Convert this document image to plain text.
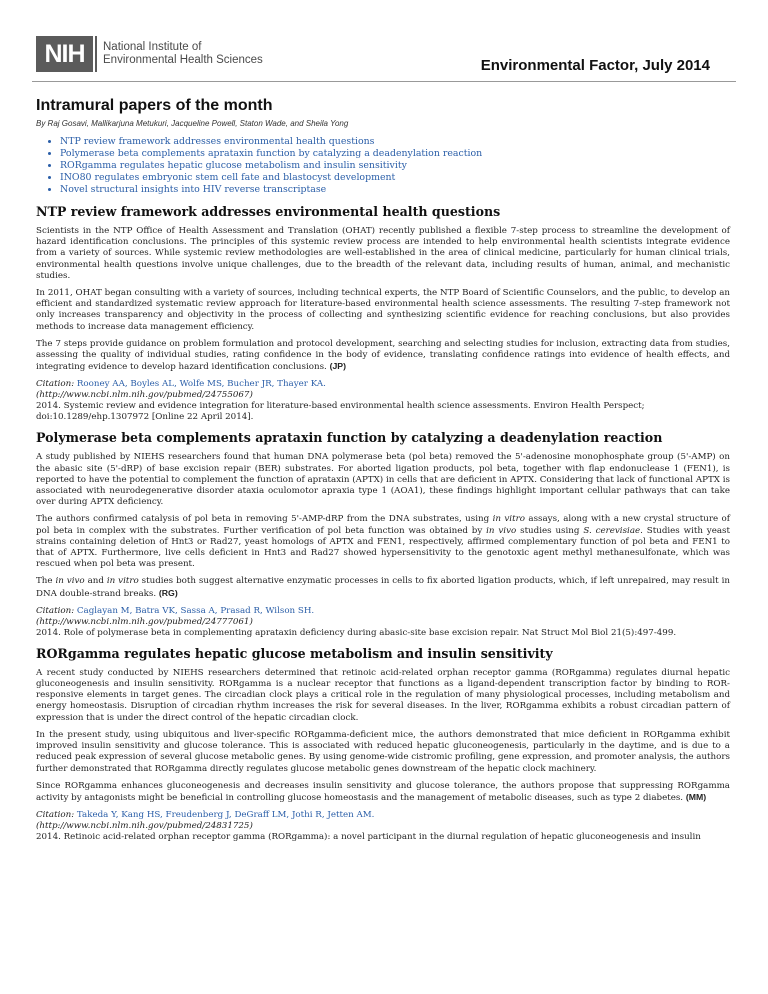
NIH	National Institute of
Environmental Health Sciences	Environmental Factor, July 2014
Intramural papers of the month
By Raj Gosavi, Mallikarjuna Metukuri, Jacqueline Powell, Staton Wade, and Sheila Yong
• NTP review framework addresses environmental health questions
• Polymerase beta complements aprataxin function by catalyzing a deadenylation reaction
• RORgamma regulates hepatic glucose metabolism and insulin sensitivity
• INO80 regulates embryonic stem cell fate and blastocyst development
• Novel structural insights into HIV reverse transcriptase
NTP review framework addresses environmental health questions

Scientists in the NTP Office of Health Assessment and Translation (OHAT) recently published a flexible 7-step process to streamline the development of hazard identification conclusions. The principles of this systemic review process are intended to help environmental health scientists integrate evidence from a variety of sources. While systemic review methodologies are well-established in the area of clinical medicine, particularly for human clinical trials, environmental health questions involve unique challenges, due to the breadth of the relevant data, including results of human, animal, and mechanistic studies.

In 2011, OHAT began consulting with a variety of sources, including technical experts, the NTP Board of Scientific Counselors, and the public, to develop an efficient and standardized systematic review approach for literature-based environmental health science assessments. The resulting 7-step framework not only increases transparency and objectivity in the process of collecting and synthesizing scientific evidence for reaching conclusions, but also provides methods to increase data management efficiency.

The 7 steps provide guidance on problem formulation and protocol development, searching and selecting studies for inclusion, extracting data from studies, assessing the quality of individual studies, rating confidence in the body of evidence, translating confidence ratings into evidence of health effects, and integrating evidence to develop hazard identification conclusions. (JP)

Citation: Rooney AA, Boyles AL, Wolfe MS, Bucher JR, Thayer KA.
(http://www.ncbi.nlm.nih.gov/pubmed/24755067)
2014. Systemic review and evidence integration for literature-based environmental health science assessments. Environ Health Perspect; doi:10.1289/ehp.1307972 [Online 22 April 2014].
Polymerase beta complements aprataxin function by catalyzing a deadenylation reaction

A study published by NIEHS researchers found that human DNA polymerase beta (pol beta) removed the 5'-adenosine monophosphate group (5'-AMP) on the abasic site (5'-dRP) of base excision repair (BER) substrates. For aborted ligation products, pol beta, together with flap endonuclease 1 (FEN1), is reported to have the potential to complement the function of aprataxin (APTX) in cells that are deficient in APTX. Considering that lack of functional APTX is associated with neurodegenerative disorder ataxia oculomotor apraxia type 1 (AOA1), these findings highlight important cellular pathways that can take over during APTX deficiency.

The authors confirmed catalysis of pol beta in removing 5'-AMP-dRP from the DNA substrates, using in vitro assays, along with a new crystal structure of pol beta in complex with the substrates. Further verification of pol beta function was obtained by in vivo studies using S. cerevisiae. Studies with yeast strains containing deletion of Hnt3 or Rad27, yeast homologs of APTX and FEN1, respectively, affirmed complementary function of pol beta and FEN1 to that of APTX. Furthermore, live cells deficient in Hnt3 and Rad27 showed hypersensitivity to the genotoxic agent methyl methanesulfonate, which was rescued when pol beta was present.

The in vivo and in vitro studies both suggest alternative enzymatic processes in cells to fix aborted ligation products, which, if left unrepaired, may result in DNA double-strand breaks. (RG)

Citation: Caglayan M, Batra VK, Sassa A, Prasad R, Wilson SH.
(http://www.ncbi.nlm.nih.gov/pubmed/24777061)
2014. Role of polymerase beta in complementing aprataxin deficiency during abasic-site base excision repair. Nat Struct Mol Biol 21(5):497-499.
RORgamma regulates hepatic glucose metabolism and insulin sensitivity

A recent study conducted by NIEHS researchers determined that retinoic acid-related orphan receptor gamma (RORgamma) regulates diurnal hepatic gluconeogenesis and insulin sensitivity. RORgamma is a nuclear receptor that functions as a ligand-dependent transcription factor by binding to ROR-responsive elements in target genes. The circadian clock plays a critical role in the regulation of many physiological processes, including metabolism and energy homeostasis. Disruption of circadian rhythm increases the risk for several diseases. In the liver, RORgamma exhibits a robust circadian pattern of expression that is under the direct control of the hepatic circadian clock.

In the present study, using ubiquitous and liver-specific RORgamma-deficient mice, the authors demonstrated that mice deficient in RORgamma exhibit improved insulin sensitivity and glucose tolerance. This is associated with reduced hepatic gluconeogenesis, particularly in the daytime, and is due to a reduced peak expression of several glucose metabolic genes. By using genome-wide cistromic profiling, gene expression, and promoter analysis, the authors further demonstrated that RORgamma directly regulates glucose metabolic genes downstream of the hepatic clock machinery.

Since RORgamma enhances gluconeogenesis and decreases insulin sensitivity and glucose tolerance, the authors propose that suppressing RORgamma activity by antagonists might be beneficial in controlling glucose homeostasis and the management of metabolic diseases, such as type 2 diabetes. (MM)

Citation: Takeda Y, Kang HS, Freudenberg J, DeGraff LM, Jothi R, Jetten AM.
(http://www.ncbi.nlm.nih.gov/pubmed/24831725)
2014. Retinoic acid-related orphan receptor gamma (RORgamma): a novel participant in the diurnal regulation of hepatic gluconeogenesis and insulin
